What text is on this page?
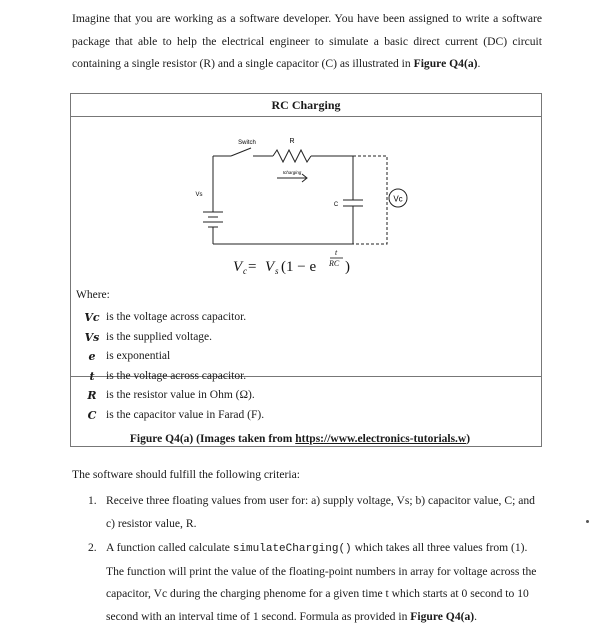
Imagine that you are working as a software developer. You have been assigned to write a software package that able to help the electrical engineer to simulate a basic direct current (DC) circuit containing a single resistor (R) and a single capacitor (C) as illustrated in Figure Q4(a).
RC Charging
Vc
Switch	R
Icharging
Vs
C
V c = V s (1 − e
t
RC )
Where:
Vc is the voltage across capacitor.
Vs is the supplied voltage.
e is exponential
t is the voltage across capacitor.
R is the resistor value in Ohm (Ω).
C is the capacitor value in Farad (F).
Figure Q4(a) (Images taken from https://www.electronics-tutorials.w)
The software should fulfill the following criteria:
1. Receive three floating values from user for: a) supply voltage, Vs; b) capacitor value, C; and c) resistor value, R.
2. A function called calculate simulateCharging() which takes all three values from (1). The function will print the value of the floating-point numbers in array for voltage across the capacitor, Vc during the charging phenome for a given time t which starts at 0 second to 10 second with an interval time of 1 second. Formula as provided in Figure Q4(a).
